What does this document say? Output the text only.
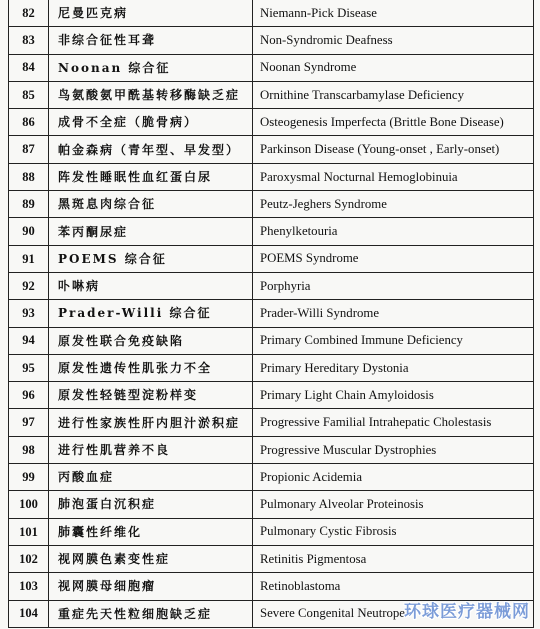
82	尼曼匹克病	Niemann-Pick Disease
83	非综合征性耳聋	Non-Syndromic Deafness
84	Noonan 综合征	Noonan Syndrome
85	鸟氨酸氨甲酰基转移酶缺乏症	Ornithine Transcarbamylase Deficiency
86	成骨不全症（脆骨病）	Osteogenesis Imperfecta (Brittle Bone Disease)
87	帕金森病（青年型、早发型）	Parkinson Disease (Young-onset , Early-onset)
88	阵发性睡眠性血红蛋白尿	Paroxysmal Nocturnal Hemoglobinuia
89	黑斑息肉综合征	Peutz-Jeghers Syndrome
90	苯丙酮尿症	Phenylketouria
91	POEMS 综合征	POEMS Syndrome
92	卟啉病	Porphyria
93	Prader-Willi 综合征	Prader-Willi Syndrome
94	原发性联合免疫缺陷	Primary Combined Immune Deficiency
95	原发性遗传性肌张力不全	Primary Hereditary Dystonia
96	原发性轻链型淀粉样变	Primary Light Chain Amyloidosis
97	进行性家族性肝内胆汁淤积症	Progressive Familial Intrahepatic Cholestasis
98	进行性肌营养不良	Progressive Muscular Dystrophies
99	丙酸血症	Propionic Acidemia
100	肺泡蛋白沉积症	Pulmonary Alveolar Proteinosis
101	肺囊性纤维化	Pulmonary Cystic Fibrosis
102	视网膜色素变性症	Retinitis Pigmentosa
103	视网膜母细胞瘤	Retinoblastoma
104	重症先天性粒细胞缺乏症	Severe Congenital Neutrope 环球医疗器械网
